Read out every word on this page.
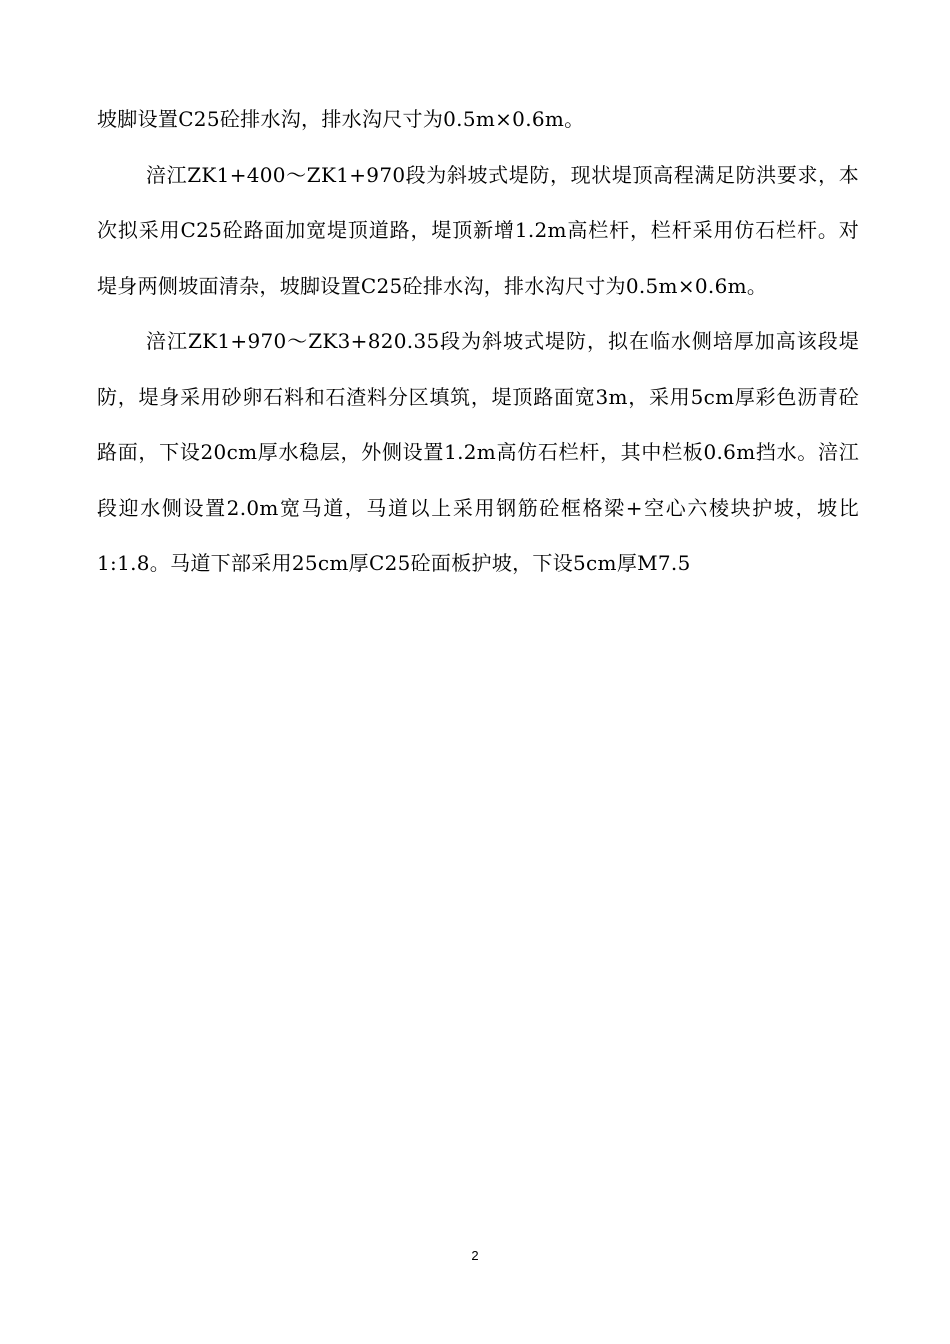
坡脚设置C25砼排水沟，排水沟尺寸为0.5m×0.6m。

涪江ZK1+400～ZK1+970段为斜坡式堤防，现状堤顶高程满足防洪要求，本次拟采用C25砼路面加宽堤顶道路，堤顶新增1.2m高栏杆，栏杆采用仿石栏杆。对堤身两侧坡面清杂，坡脚设置C25砼排水沟，排水沟尺寸为0.5m×0.6m。

涪江ZK1+970～ZK3+820.35段为斜坡式堤防，拟在临水侧培厚加高该段堤防，堤身采用砂卵石料和石渣料分区填筑，堤顶路面宽3m，采用5cm厚彩色沥青砼路面，下设20cm厚水稳层，外侧设置1.2m高仿石栏杆，其中栏板0.6m挡水。涪江段迎水侧设置2.0m宽马道，马道以上采用钢筋砼框格梁+空心六棱块护坡，坡比1:1.8。马道下部采用25cm厚C25砼面板护坡，下设5cm厚M7.5

2
